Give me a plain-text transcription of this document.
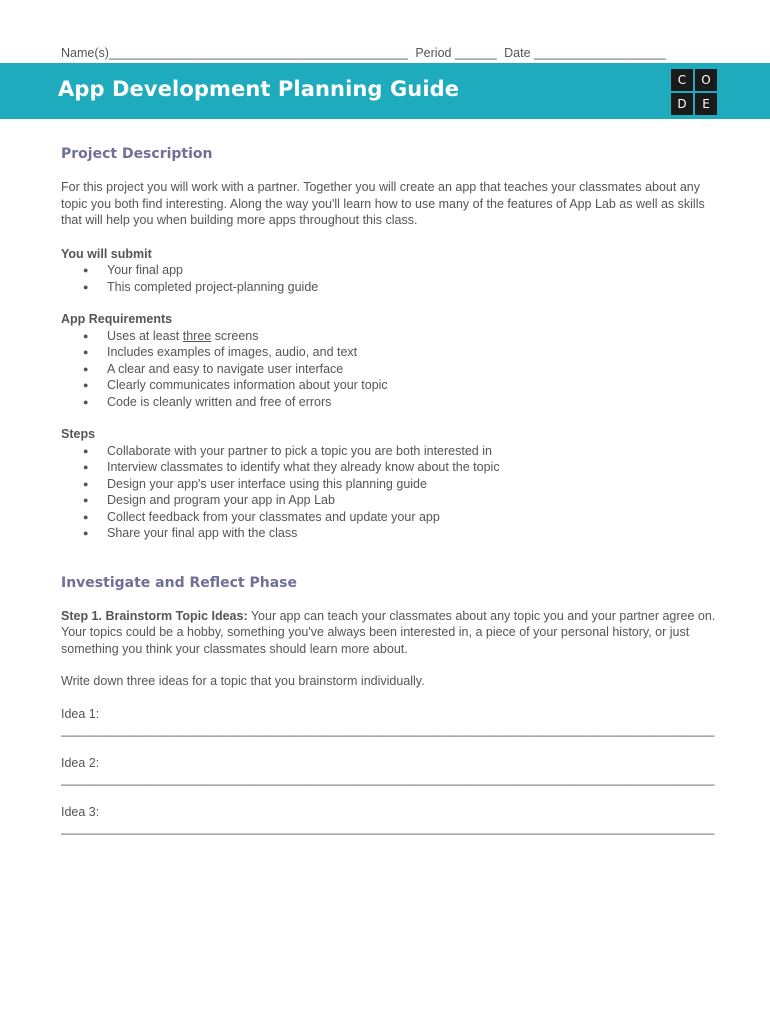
Name(s)___________________________________________ Period ______ Date ___________________
App Development Planning Guide	C	O
D	E
Project Description

For this project you will work with a partner. Together you will create an app that teaches your classmates about any topic you both find interesting. Along the way you'll learn how to use many of the features of App Lab as well as skills that will help you when building more apps throughout this class.

You will submit
● Your final app
● This completed project-planning guide
App Requirements
● Uses at least three screens
● Includes examples of images, audio, and text
● A clear and easy to navigate user interface
● Clearly communicates information about your topic
● Code is cleanly written and free of errors
Steps
● Collaborate with your partner to pick a topic you are both interested in
● Interview classmates to identify what they already know about the topic
● Design your app's user interface using this planning guide
● Design and program your app in App Lab
● Collect feedback from your classmates and update your app
● Share your final app with the class
Investigate and Reflect Phase

Step 1. Brainstorm Topic Ideas: Your app can teach your classmates about any topic you and your partner agree on. Your topics could be a hobby, something you've always been interested in, a piece of your personal history, or just something you think your classmates should learn more about.

Write down three ideas for a topic that you brainstorm individually.

Idea 1:
______________________________________________________________________________________________
Idea 2:
______________________________________________________________________________________________
Idea 3:
______________________________________________________________________________________________
